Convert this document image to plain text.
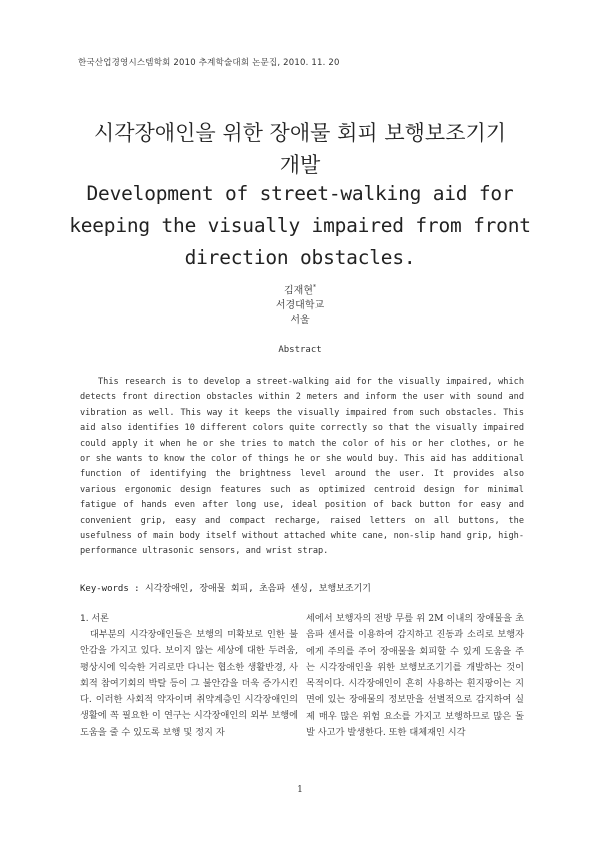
한국산업경영시스템학회 2010 추계학술대회 논문집, 2010. 11. 20
시각장애인을 위한 장애물 회피 보행보조기기
개발
Development of street-walking aid for
keeping the visually impaired from front
direction obstacles.
김재현*
서경대학교
서울
Abstract
This research is to develop a street-walking aid for the visually impaired, which detects front direction obstacles within 2 meters and inform the user with sound and vibration as well. This way it keeps the visually impaired from such obstacles. This aid also identifies 10 different colors quite correctly so that the visually impaired could apply it when he or she tries to match the color of his or her clothes, or he or she wants to know the color of things he or she would buy. This aid has additional function of identifying the brightness level around the user. It provides also various ergonomic design features such as optimized centroid design for minimal fatigue of hands even after long use, ideal position of back button for easy and convenient grip, easy and compact recharge, raised letters on all buttons, the usefulness of main body itself without attached white cane, non-slip hand grip, high-performance ultrasonic sensors, and wrist strap.
Key-words : 시각장애인, 장애물 회피, 초음파 센싱, 보행보조기기
1. 서론

대부분의 시각장애인들은 보행의 미확보로 인한 불안감을 가지고 있다. 보이지 않는 세상에 대한 두려움, 평상시에 익숙한 거리로만 다니는 협소한 생활반경, 사회적 참여기회의 박탈 등이 그 불안감을 더욱 증가시킨다. 이러한 사회적 약자이며 취약계층인 시각장애인의 생활에 꼭 필요한 이 연구는 시각장애인의 외부 보행에 도움을 줄 수 있도록 보행 및 정지 자

세에서 보행자의 전방 무릎 위 2M 이내의 장애물을 초음파 센서를 이용하여 감지하고 진동과 소리로 보행자에게 주의를 주어 장애물을 회피할 수 있게 도움을 주는 시각장애인을 위한 보행보조기기를 개발하는 것이 목적이다. 시각장애인이 흔히 사용하는 흰지팡이는 지면에 있는 장애물의 정보만을 선별적으로 감지하여 실제 매우 많은 위험 요소를 가지고 보행하므로 많은 돌발 사고가 발생한다. 또한 대체재인 시각

1
